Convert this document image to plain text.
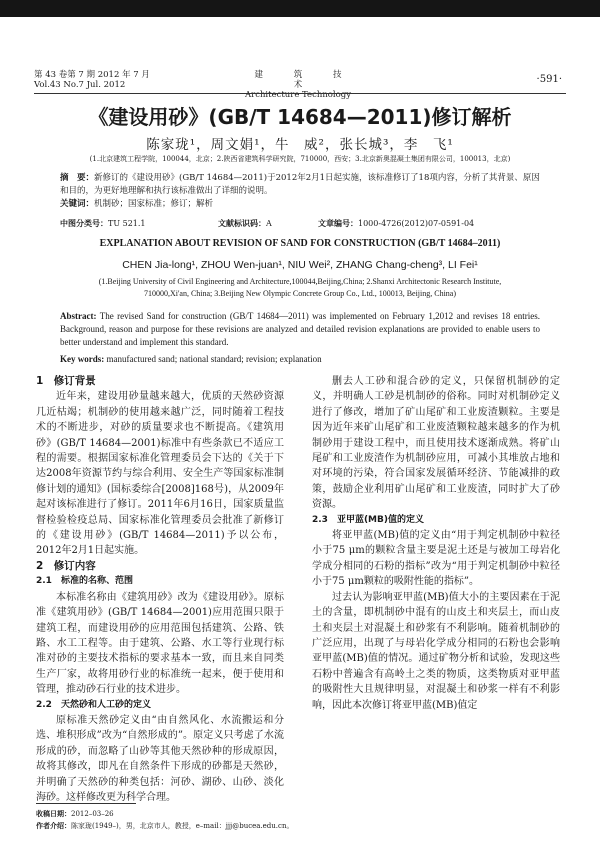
第 43 卷第 7 期 2012 年 7 月
Vol.43 No.7 Jul. 2012
建 筑 技 术
Architecture Technology
·591·
《建设用砂》(GB/T 14684—2011)修订解析
陈家珑¹，周文娟¹，牛　威²，张长城³，李　飞¹
(1.北京建筑工程学院，100044，北京；2.陕西省建筑科学研究院，710000，西安；3.北京新奥混凝土集团有限公司，100013，北京)
摘　要：新修订的《建设用砂》(GB/T 14684—2011)于2012年2月1日起实施，该标准修订了18项内容，分析了其背景、原因和目的，为更好地理解和执行该标准做出了详细的说明。
关键词：机制砂；国家标准；修订；解析
中图分类号：TU 521.1	文献标识码：A	文章编号：1000-4726(2012)07-0591-04
EXPLANATION ABOUT REVISION OF SAND FOR CONSTRUCTION (GB/T 14684–2011)
CHEN Jia-long¹, ZHOU Wen-juan¹, NIU Wei², ZHANG Chang-cheng³, LI Fei¹
(1.Beijing University of Civil Engineering and Architecture,100044,Beijing,China; 2.Shanxi Architectonic Research Institute,
710000,Xi'an, China; 3.Beijing New Olympic Concrete Group Co., Ltd., 100013, Beijing, China)
Abstract: The revised Sand for construction (GB/T 14684—2011) was implemented on February 1,2012 and revises 18 entries. Background, reason and purpose for these revisions are analyzed and detailed revision explanations are provided to enable users to better understand and implement this standard.
Key words: manufactured sand; national standard; revision; explanation

1　修订背景

近年来，建设用砂量越来越大，优质的天然砂资源几近枯竭；机制砂的使用越来越广泛，同时随着工程技术的不断进步，对砂的质量要求也不断提高。《建筑用砂》(GB/T 14684—2001)标准中有些条款已不适应工程的需要。根据国家标准化管理委员会下达的《关于下达2008年资源节约与综合利用、安全生产等国家标准制修计划的通知》(国标委综合[2008]168号)，从2009年起对该标准进行了修订。2011年6月16日，国家质量监督检验检疫总局、国家标准化管理委员会批准了新修订的《建设用砂》(GB/T 14684—2011)予以公布，2012年2月1日起实施。

2　修订内容

2.1　标准的名称、范围

本标准名称由《建筑用砂》改为《建设用砂》。原标准《建筑用砂》(GB/T 14684—2001)应用范围只限于建筑工程，而建设用砂的应用范围包括建筑、公路、铁路、水工工程等。由于建筑、公路、水工等行业现行标准对砂的主要技术指标的要求基本一致，而且来自同类生产厂家，故将用砂行业的标准统一起来，便于使用和管理，推动砂石行业的技术进步。

2.2　天然砂和人工砂的定义

原标准天然砂定义由“由自然风化、水流搬运和分选、堆积形成”改为“自然形成的”。原定义只考虑了水流形成的砂，而忽略了山砂等其他天然砂种的形成原因，故将其修改，即凡在自然条件下形成的砂都是天然砂，并明确了天然砂的种类包括：河砂、湖砂、山砂、淡化海砂。这样修改更为科学合理。

删去人工砂和混合砂的定义，只保留机制砂的定义，并明确人工砂是机制砂的俗称。同时对机制砂定义进行了修改，增加了矿山尾矿和工业废渣颗粒。主要是因为近年来矿山尾矿和工业废渣颗粒越来越多的作为机制砂用于建设工程中，而且使用技术逐渐成熟。将矿山尾矿和工业废渣作为机制砂应用，可减小其堆放占地和对环境的污染，符合国家发展循环经济、节能减排的政策，鼓励企业利用矿山尾矿和工业废渣，同时扩大了砂资源。

2.3　亚甲蓝(MB)值的定义

将亚甲蓝(MB)值的定义由“用于判定机制砂中粒径小于75 μm的颗粒含量主要是泥土还是与被加工母岩化学成分相同的石粉的指标”改为“用于判定机制砂中粒径小于75 μm颗粒的吸附性能的指标”。

过去认为影响亚甲蓝(MB)值大小的主要因素在于泥土的含量，即机制砂中混有的山皮土和夹层土，而山皮土和夹层土对混凝土和砂浆有不利影响。随着机制砂的广泛应用，出现了与母岩化学成分相同的石粉也会影响亚甲蓝(MB)值的情况。通过矿物分析和试验，发现这些石粉中普遍含有高岭土之类的物质，这类物质对亚甲蓝的吸附性大且规律明显，对混凝土和砂浆一样有不利影响，因此本次修订将亚甲蓝(MB)值定

收稿日期：2012–03–26
作者介绍：陈家珑(1949–)，男，北京市人，教授，e–mail：jjj@bucea.edu.cn。
